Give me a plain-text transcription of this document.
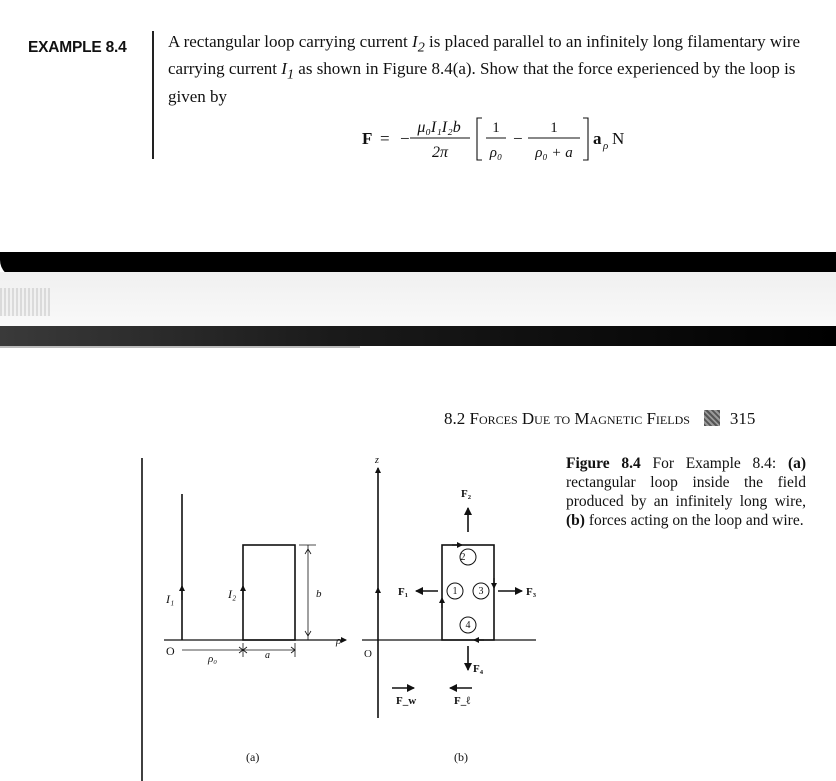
EXAMPLE 8.4 A rectangular loop carrying current $I_2$ is placed parallel to an infinitely long filamentary wire carrying current $I_1$ as shown in Figure 8.4(a). Show that the force experienced by the loop is given by
F = −
μ₀I₁I₂b
2π
1
ρ₀
−
1
ρ₀ + a
a ρ N
8.2 Forces Due to Magnetic Fields 315
Figure 8.4 For Example 8.4: (a) rectangular loop inside the field produced by an infinitely long wire, (b) forces acting on the loop and wire.
I₁	I₂	b
O
ρ₀	a
ρ
(a)
z
O
2
1 3
4
F₂
F₁	F₃
F₄
F_w	F_ℓ
(b)
